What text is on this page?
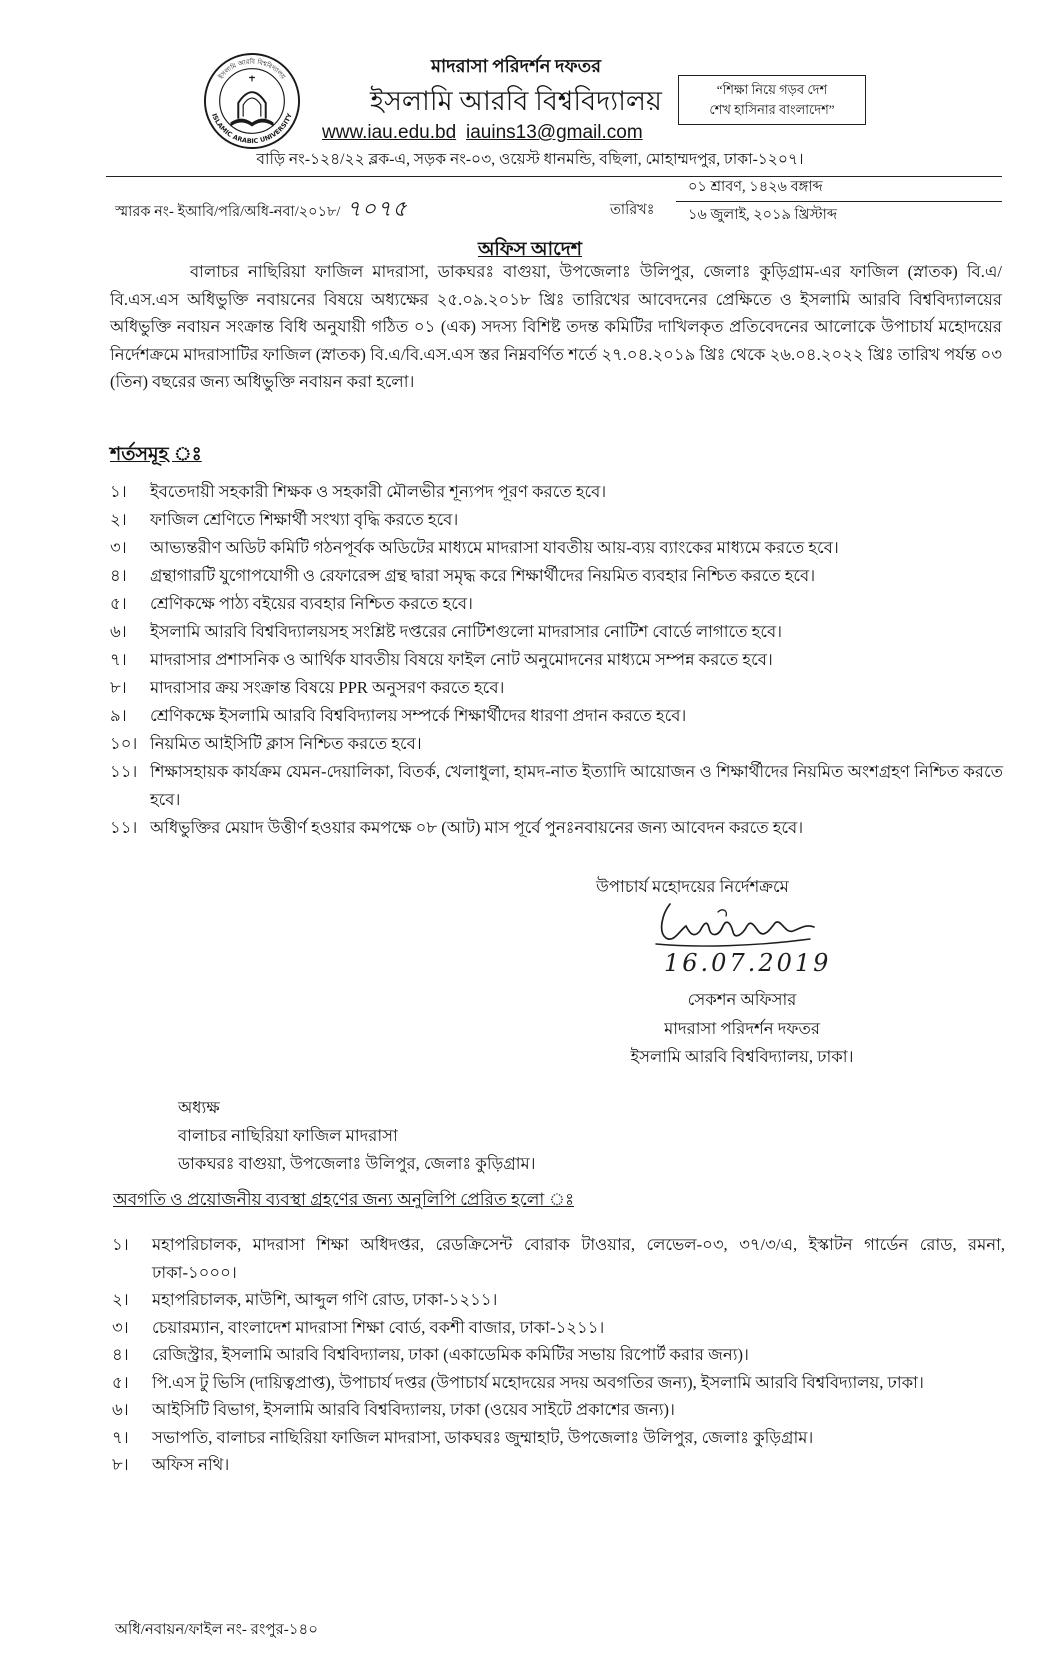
ইসলামি আরবি বিশ্ববিদ্যালয়
ISLAMIC ARABIC UNIVERSITY
মাদরাসা পরিদর্শন দফতর
ইসলামি আরবি বিশ্ববিদ্যালয়
www.iau.edu.bd iauins13@gmail.com
“শিক্ষা নিয়ে গড়ব দেশ
শেখ হাসিনার বাংলাদেশ”
বাড়ি নং-১২৪/২২ ব্লক-এ, সড়ক নং-০৩, ওয়েস্ট ধানমন্ডি, বছিলা, মোহাম্মদপুর, ঢাকা-১২০৭।
স্মারক নং- ইআবি/পরি/অধি-নবা/২০১৮/ ৭০৭৫	তারিখঃ
০১ শ্রাবণ, ১৪২৬ বঙ্গাব্দ
১৬ জুলাই, ২০১৯ খ্রিস্টাব্দ
অফিস আদেশ
বালাচর নাছিরিয়া ফাজিল মাদরাসা, ডাকঘরঃ বাগুয়া, উপজেলাঃ উলিপুর, জেলাঃ কুড়িগ্রাম-এর ফাজিল (স্নাতক) বি.এ/বি.এস.এস অধিভুক্তি নবায়নের বিষয়ে অধ্যক্ষের ২৫.০৯.২০১৮ খ্রিঃ তারিখের আবেদনের প্রেক্ষিতে ও ইসলামি আরবি বিশ্ববিদ্যালয়ের অধিভুক্তি নবায়ন সংক্রান্ত বিধি অনুযায়ী গঠিত ০১ (এক) সদস্য বিশিষ্ট তদন্ত কমিটির দাখিলকৃত প্রতিবেদনের আলোকে উপাচার্য মহোদয়ের নির্দেশক্রমে মাদরাসাটির ফাজিল (স্নাতক) বি.এ/বি.এস.এস স্তর নিম্নবর্ণিত শর্তে ২৭.০৪.২০১৯ খ্রিঃ থেকে ২৬.০৪.২০২২ খ্রিঃ তারিখ পর্যন্ত ০৩ (তিন) বছরের জন্য অধিভুক্তি নবায়ন করা হলো।
শর্তসমূহ ঃ
১।	ইবতেদায়ী সহকারী শিক্ষক ও সহকারী মৌলভীর শূন্যপদ পূরণ করতে হবে।
২।	ফাজিল শ্রেণিতে শিক্ষার্থী সংখ্যা বৃদ্ধি করতে হবে।
৩।	আভ্যন্তরীণ অডিট কমিটি গঠনপূর্বক অডিটের মাধ্যমে মাদরাসা যাবতীয় আয়-ব্যয় ব্যাংকের মাধ্যমে করতে হবে।
৪।	গ্রন্থাগারটি যুগোপযোগী ও রেফারেন্স গ্রন্থ দ্বারা সমৃদ্ধ করে শিক্ষার্থীদের নিয়মিত ব্যবহার নিশ্চিত করতে হবে।
৫।	শ্রেণিকক্ষে পাঠ্য বইয়ের ব্যবহার নিশ্চিত করতে হবে।
৬।	ইসলামি আরবি বিশ্ববিদ্যালয়সহ সংশ্লিষ্ট দপ্তরের নোটিশগুলো মাদরাসার নোটিশ বোর্ডে লাগাতে হবে।
৭।	মাদরাসার প্রশাসনিক ও আর্থিক যাবতীয় বিষয়ে ফাইল নোট অনুমোদনের মাধ্যমে সম্পন্ন করতে হবে।
৮।	মাদরাসার ক্রয় সংক্রান্ত বিষয়ে PPR অনুসরণ করতে হবে।
৯।	শ্রেণিকক্ষে ইসলামি আরবি বিশ্ববিদ্যালয় সম্পর্কে শিক্ষার্থীদের ধারণা প্রদান করতে হবে।
১০। নিয়মিত আইসিটি ক্লাস নিশ্চিত করতে হবে।
১১। শিক্ষাসহায়ক কার্যক্রম যেমন-দেয়ালিকা, বিতর্ক, খেলাধুলা, হামদ-নাত ইত্যাদি আয়োজন ও শিক্ষার্থীদের নিয়মিত অংশগ্রহণ নিশ্চিত করতে হবে।
১১। অধিভুক্তির মেয়াদ উত্তীর্ণ হওয়ার কমপক্ষে ০৮ (আট) মাস পূর্বে পুনঃনবায়নের জন্য আবেদন করতে হবে।
উপাচার্য মহোদয়ের নির্দেশক্রমে
16.07.2019
সেকশন অফিসার
মাদরাসা পরিদর্শন দফতর
ইসলামি আরবি বিশ্ববিদ্যালয়, ঢাকা।
অধ্যক্ষ
বালাচর নাছিরিয়া ফাজিল মাদরাসা
ডাকঘরঃ বাগুয়া, উপজেলাঃ উলিপুর, জেলাঃ কুড়িগ্রাম।
অবগতি ও প্রয়োজনীয় ব্যবস্থা গ্রহণের জন্য অনুলিপি প্রেরিত হলো ঃ
১।	মহাপরিচালক, মাদরাসা শিক্ষা অধিদপ্তর, রেডক্রিসেন্ট বোরাক টাওয়ার, লেভেল-০৩, ৩৭/৩/এ, ইস্কাটন গার্ডেন রোড, রমনা, ঢাকা-১০০০।
২।	মহাপরিচালক, মাউশি, আব্দুল গণি রোড, ঢাকা-১২১১।
৩।	চেয়ারম্যান, বাংলাদেশ মাদরাসা শিক্ষা বোর্ড, বকশী বাজার, ঢাকা-১২১১।
৪।	রেজিস্ট্রার, ইসলামি আরবি বিশ্ববিদ্যালয়, ঢাকা (একাডেমিক কমিটির সভায় রিপোর্ট করার জন্য)।
৫।	পি.এস টু ভিসি (দায়িত্বপ্রাপ্ত), উপাচার্য দপ্তর (উপাচার্য মহোদয়ের সদয় অবগতির জন্য), ইসলামি আরবি বিশ্ববিদ্যালয়, ঢাকা।
৬।	আইসিটি বিভাগ, ইসলামি আরবি বিশ্ববিদ্যালয়, ঢাকা (ওয়েব সাইটে প্রকাশের জন্য)।
৭।	সভাপতি, বালাচর নাছিরিয়া ফাজিল মাদরাসা, ডাকঘরঃ জুম্মাহাট, উপজেলাঃ উলিপুর, জেলাঃ কুড়িগ্রাম।
৮।	অফিস নথি।
অধি/নবায়ন/ফাইল নং- রংপুর-১৪০
